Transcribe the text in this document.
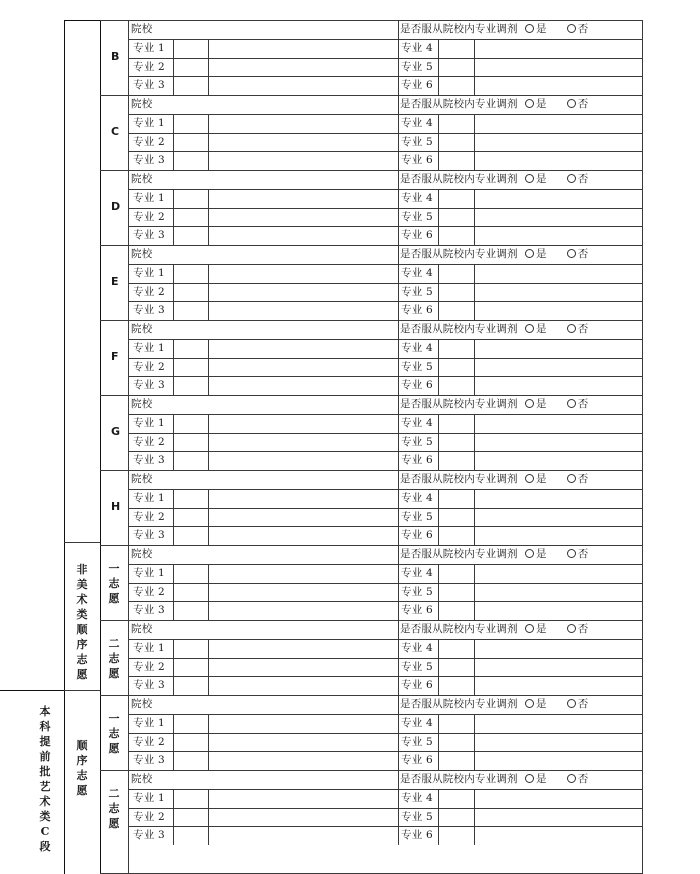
B
院校	是否服从院校内专业调剂	是	否
专业 1	专业 4
专业 2	专业 5
专业 3	专业 6
C
院校	是否服从院校内专业调剂	是	否
专业 1	专业 4
专业 2	专业 5
专业 3	专业 6
D
院校	是否服从院校内专业调剂	是	否
专业 1	专业 4
专业 2	专业 5
专业 3	专业 6
E
院校	是否服从院校内专业调剂	是	否
专业 1	专业 4
专业 2	专业 5
专业 3	专业 6
F
院校	是否服从院校内专业调剂	是	否
专业 1	专业 4
专业 2	专业 5
专业 3	专业 6
G
院校	是否服从院校内专业调剂	是	否
专业 1	专业 4
专业 2	专业 5
专业 3	专业 6
H
院校	是否服从院校内专业调剂	是	否
专业 1	专业 4
专业 2	专业 5
专业 3	专业 6
一志愿
院校	是否服从院校内专业调剂	是	否
专业 1	专业 4
专业 2	专业 5
专业 3	专业 6
二志愿
院校	是否服从院校内专业调剂	是	否
专业 1	专业 4
专业 2	专业 5
专业 3	专业 6
一志愿
院校	是否服从院校内专业调剂	是	否
专业 1	专业 4
专业 2	专业 5
专业 3	专业 6
二志愿
院校	是否服从院校内专业调剂	是	否
专业 1	专业 4
专业 2	专业 5
专业 3	专业 6
非美术类顺序志愿
顺序志愿
本科提前批艺术类C段
